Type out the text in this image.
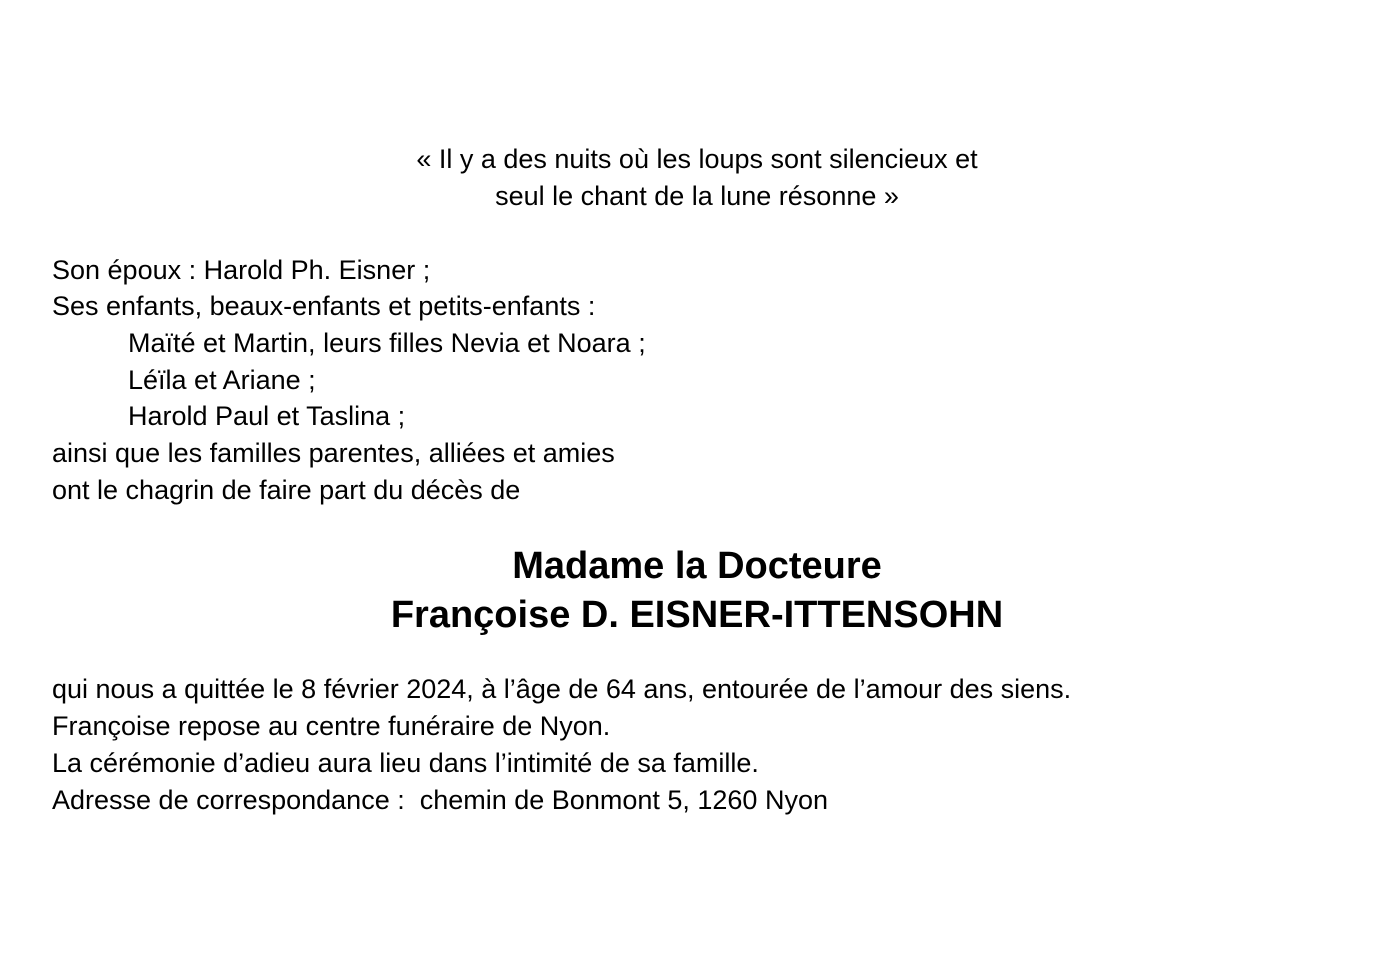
« Il y a des nuits où les loups sont silencieux et
seul le chant de la lune résonne »
Son époux : Harold Ph. Eisner ;
Ses enfants, beaux-enfants et petits-enfants :
Maïté et Martin, leurs filles Nevia et Noara ;
Léïla et Ariane ;
Harold Paul et Taslina ;
ainsi que les familles parentes, alliées et amies
ont le chagrin de faire part du décès de
Madame la Docteure
Françoise D. EISNER-ITTENSOHN
qui nous a quittée le 8 février 2024, à l’âge de 64 ans, entourée de l’amour des siens.
Françoise repose au centre funéraire de Nyon.
La cérémonie d’adieu aura lieu dans l’intimité de sa famille.
Adresse de correspondance :  chemin de Bonmont 5, 1260 Nyon
